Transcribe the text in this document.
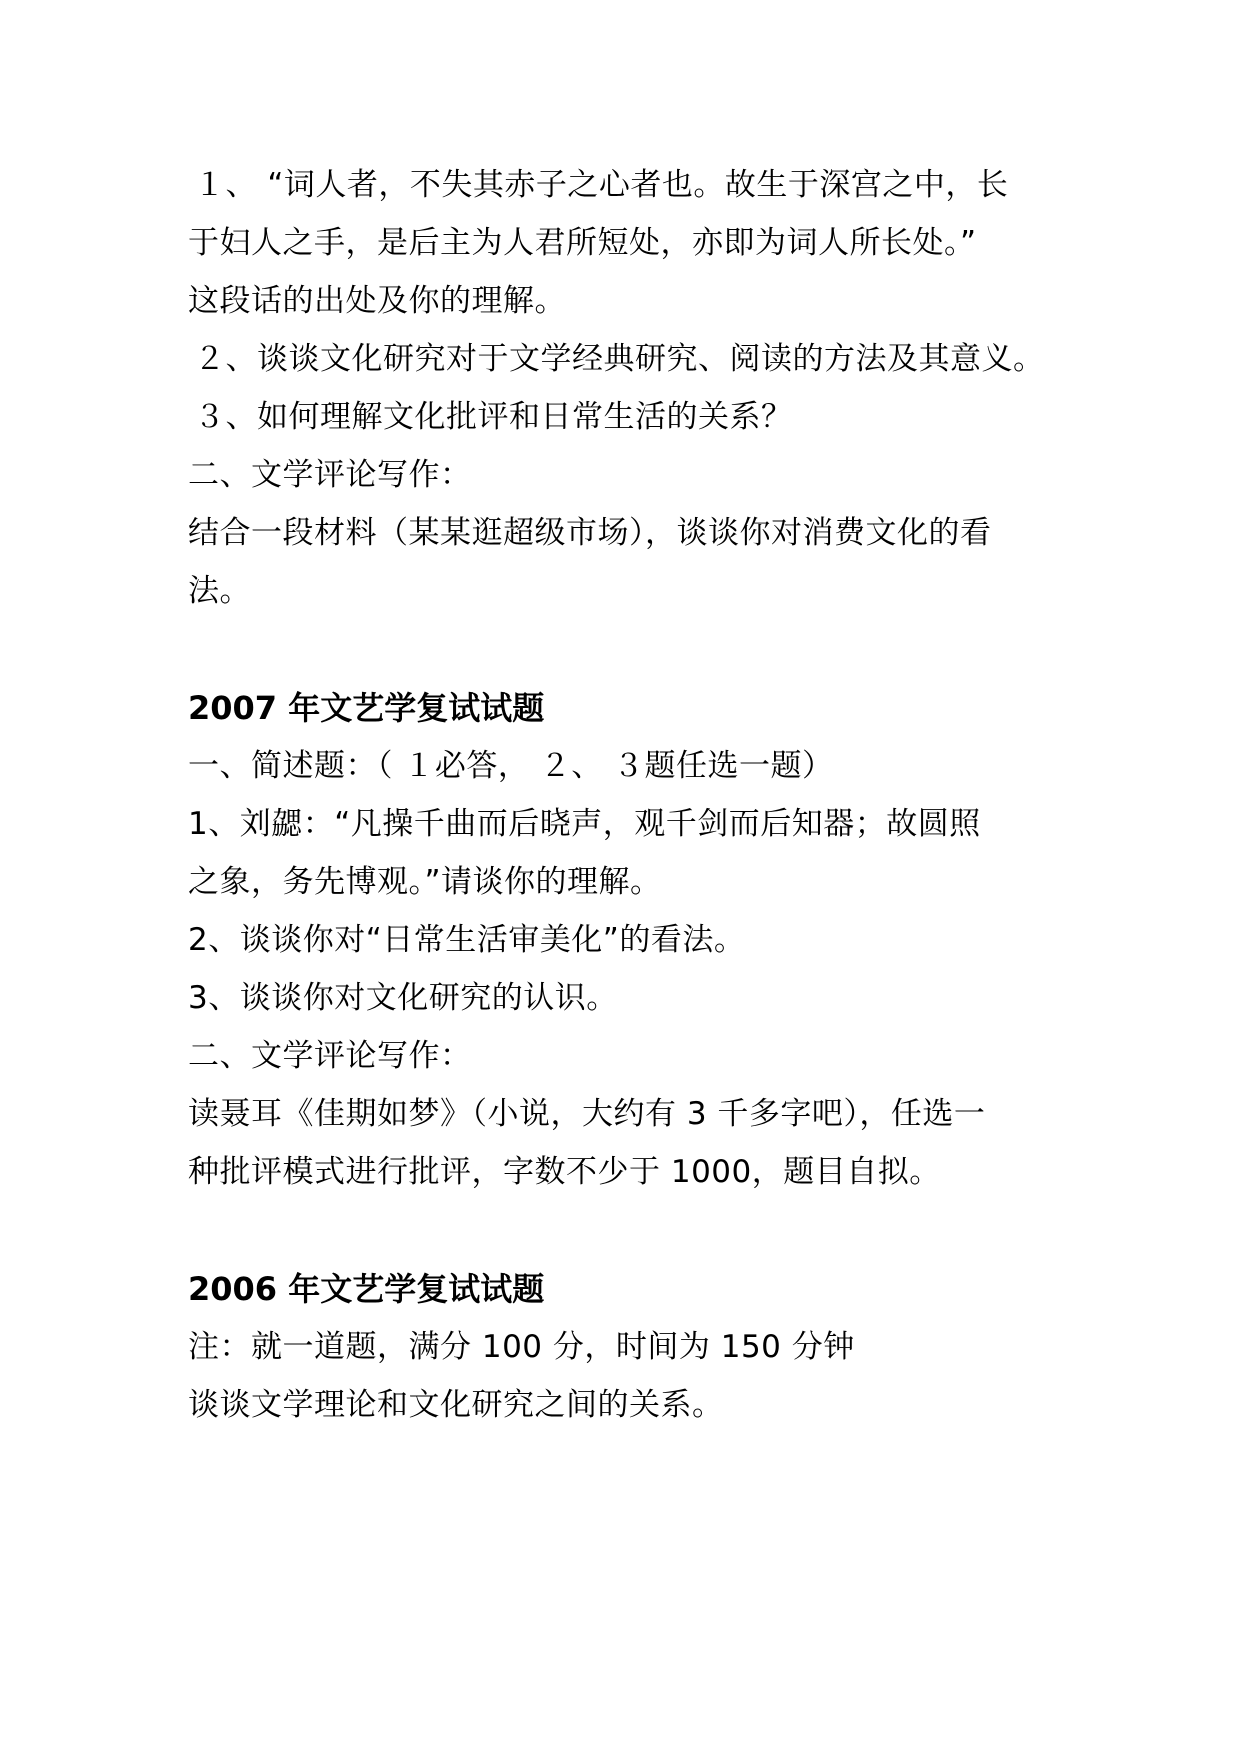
１、 “词人者，不失其赤子之心者也。故生于深宫之中，长
于妇人之手，是后主为人君所短处，亦即为词人所长处。”
这段话的出处及你的理解。
２、谈谈文化研究对于文学经典研究、阅读的方法及其意义。
３、如何理解文化批评和日常生活的关系？
二、文学评论写作：
结合一段材料（某某逛超级市场），谈谈你对消费文化的看
法。
2007 年文艺学复试试题
一、简述题：（ １必答， ２、 ３题任选一题）
1、刘勰：“凡操千曲而后晓声，观千剑而后知器；故圆照
之象，务先博观。”请谈你的理解。
2、谈谈你对“日常生活审美化”的看法。
3、谈谈你对文化研究的认识。
二、文学评论写作：
读聂耳《佳期如梦》（小说，大约有 3 千多字吧），任选一
种批评模式进行批评，字数不少于 1000，题目自拟。
2006 年文艺学复试试题
注：就一道题，满分 100 分，时间为 150 分钟
谈谈文学理论和文化研究之间的关系。
